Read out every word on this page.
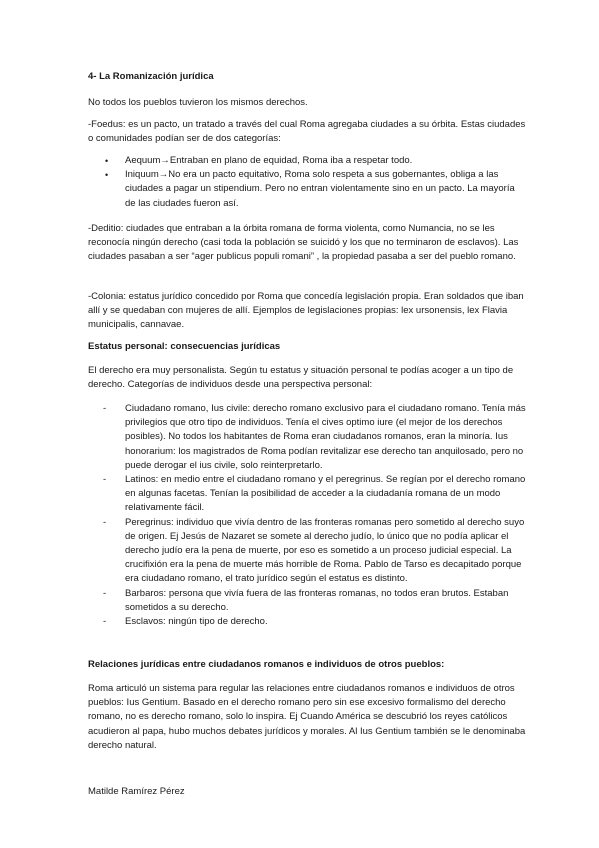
4- La Romanización jurídica

No todos los pueblos tuvieron los mismos derechos.

-Foedus: es un pacto, un tratado a través del cual Roma agregaba ciudades a su órbita. Estas ciudades o comunidades podían ser de dos categorías:

•	Aequum→Entraban en plano de equidad, Roma iba a respetar todo.
•	Iniquum→No era un pacto equitativo, Roma solo respeta a sus gobernantes, obliga a las ciudades a pagar un stipendium. Pero no entran violentamente sino en un pacto. La mayoría de las ciudades fueron así.

-Deditio: ciudades que entraban a la órbita romana de forma violenta, como Numancia, no se les reconocía ningún derecho (casi toda la población se suicidó y los que no terminaron de esclavos). Las ciudades pasaban a ser “ager publicus populi romani” , la propiedad pasaba a ser del pueblo romano.

-Colonia: estatus jurídico concedido por Roma que concedía legislación propia. Eran soldados que iban allí y se quedaban con mujeres de allí. Ejemplos de legislaciones propias: lex ursonensis, lex Flavia municipalis, cannavae.

Estatus personal: consecuencias jurídicas

El derecho era muy personalista. Según tu estatus y situación personal te podías acoger a un tipo de derecho. Categorías de individuos desde una perspectiva personal:

-	Ciudadano romano, Ius civile: derecho romano exclusivo para el ciudadano romano. Tenía más privilegios que otro tipo de individuos. Tenía el cives optimo iure (el mejor de los derechos posibles). No todos los habitantes de Roma eran ciudadanos romanos, eran la minoría. Ius honorarium: los magistrados de Roma podían revitalizar ese derecho tan anquilosado, pero no puede derogar el ius civile, solo reinterpretarlo.
-	Latinos: en medio entre el ciudadano romano y el peregrinus. Se regían por el derecho romano en algunas facetas. Tenían la posibilidad de acceder a la ciudadanía romana de un modo relativamente fácil.
-	Peregrinus: individuo que vivía dentro de las fronteras romanas pero sometido al derecho suyo de origen. Ej Jesús de Nazaret se somete al derecho judío, lo único que no podía aplicar el derecho judío era la pena de muerte, por eso es sometido a un proceso judicial especial. La crucifixión era la pena de muerte más horrible de Roma. Pablo de Tarso es decapitado porque era ciudadano romano, el trato jurídico según el estatus es distinto.
-	Barbaros: persona que vivía fuera de las fronteras romanas, no todos eran brutos. Estaban sometidos a su derecho.
-	Esclavos: ningún tipo de derecho.

Relaciones jurídicas entre ciudadanos romanos e individuos de otros pueblos:

Roma articuló un sistema para regular las relaciones entre ciudadanos romanos e individuos de otros pueblos: Ius Gentium. Basado en el derecho romano pero sin ese excesivo formalismo del derecho romano, no es derecho romano, solo lo inspira. Ej Cuando América se descubrió los reyes católicos acudieron al papa, hubo muchos debates jurídicos y morales. Al Ius Gentium también se le denominaba derecho natural.

Matilde Ramírez Pérez
